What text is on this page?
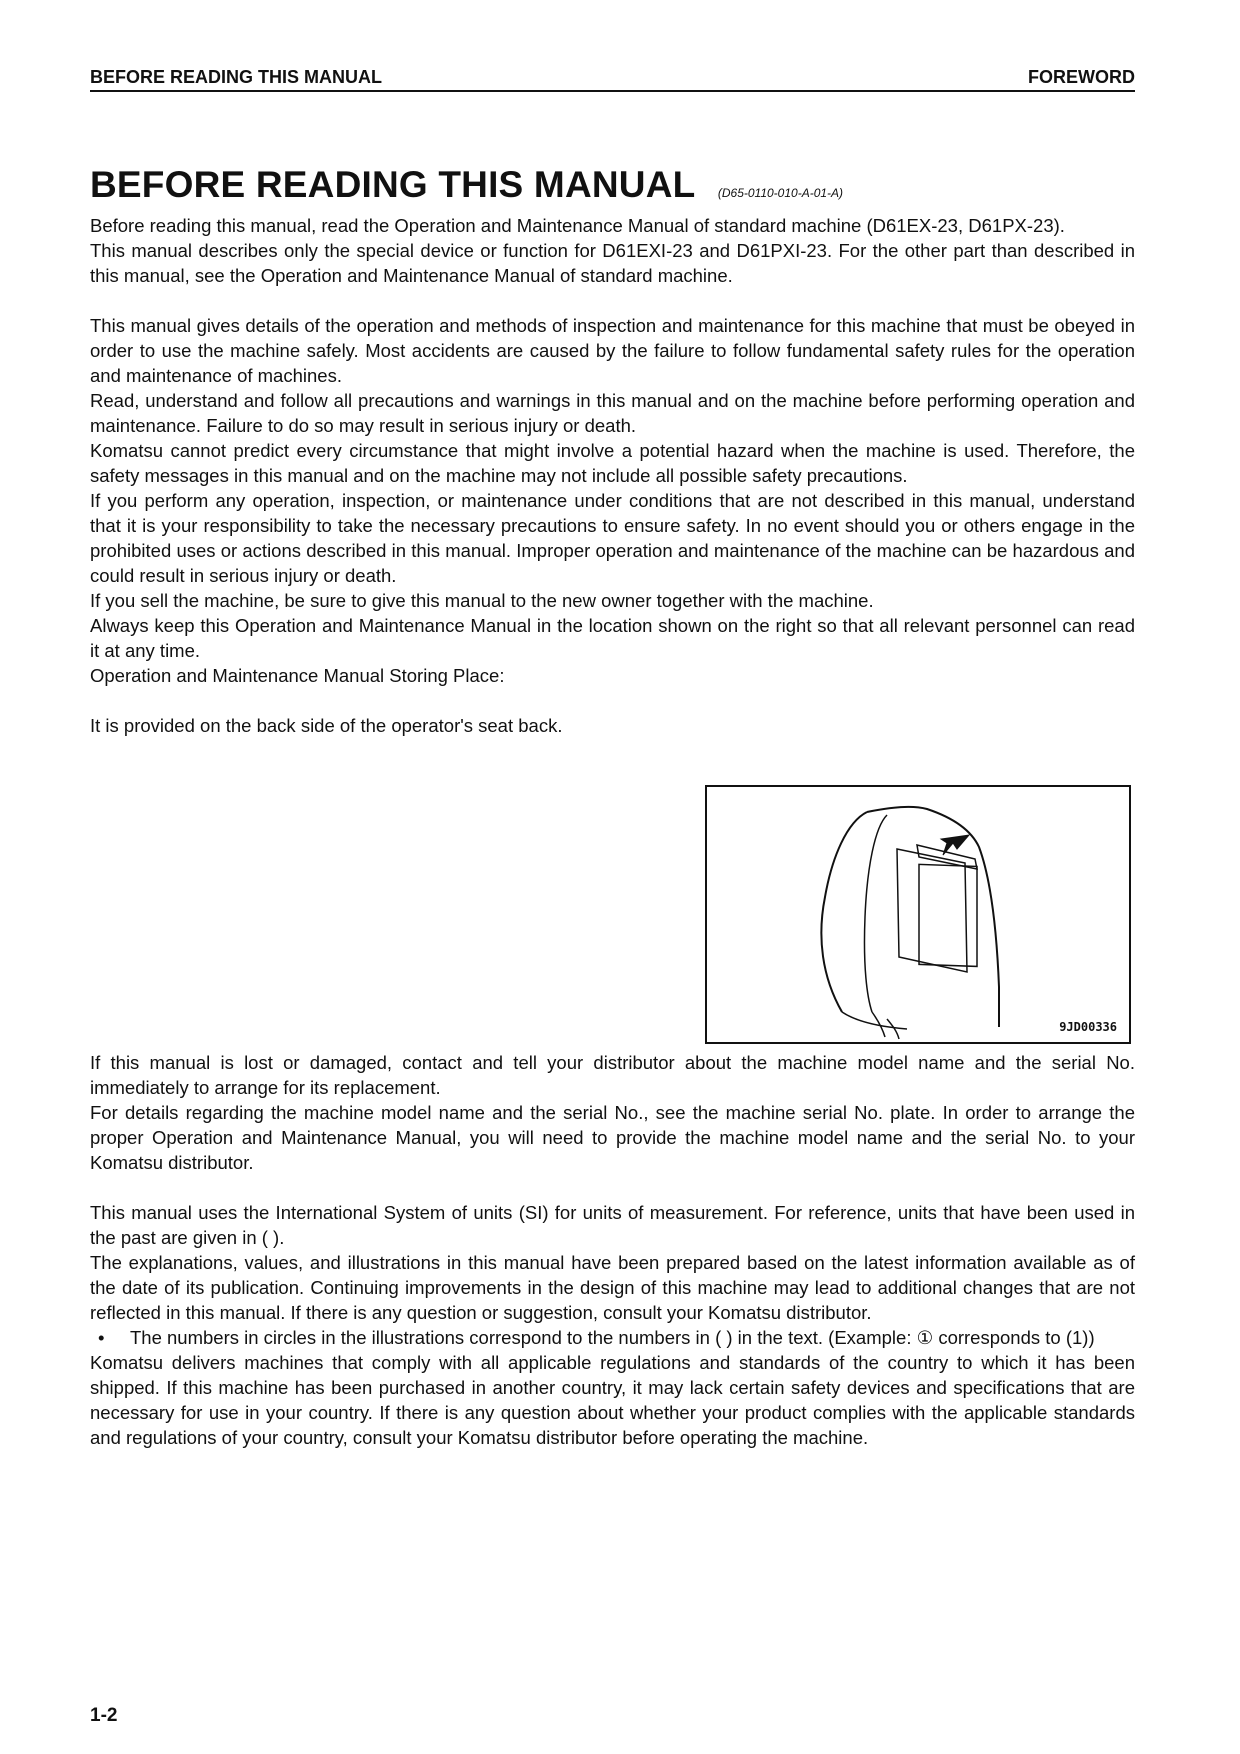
BEFORE READING THIS MANUAL	FOREWORD
BEFORE READING THIS MANUAL (D65-0110-010-A-01-A)

Before reading this manual, read the Operation and Maintenance Manual of standard machine (D61EX-23, D61PX-23).

This manual describes only the special device or function for D61EXI-23 and D61PXI-23. For the other part than described in this manual, see the Operation and Maintenance Manual of standard machine.

This manual gives details of the operation and methods of inspection and maintenance for this machine that must be obeyed in order to use the machine safely. Most accidents are caused by the failure to follow fundamental safety rules for the operation and maintenance of machines.

Read, understand and follow all precautions and warnings in this manual and on the machine before performing operation and maintenance. Failure to do so may result in serious injury or death.

Komatsu cannot predict every circumstance that might involve a potential hazard when the machine is used. Therefore, the safety messages in this manual and on the machine may not include all possible safety precautions.

If you perform any operation, inspection, or maintenance under conditions that are not described in this manual, understand that it is your responsibility to take the necessary precautions to ensure safety. In no event should you or others engage in the prohibited uses or actions described in this manual. Improper operation and maintenance of the machine can be hazardous and could result in serious injury or death.

If you sell the machine, be sure to give this manual to the new owner together with the machine.

Always keep this Operation and Maintenance Manual in the location shown on the right so that all relevant personnel can read it at any time.

Operation and Maintenance Manual Storing Place:

It is provided on the back side of the operator's seat back.

9JD00336

If this manual is lost or damaged, contact and tell your distributor about the machine model name and the serial No. immediately to arrange for its replacement.

For details regarding the machine model name and the serial No., see the machine serial No. plate. In order to arrange the proper Operation and Maintenance Manual, you will need to provide the machine model name and the serial No. to your Komatsu distributor.

This manual uses the International System of units (SI) for units of measurement. For reference, units that have been used in the past are given in ( ).

The explanations, values, and illustrations in this manual have been prepared based on the latest information available as of the date of its publication. Continuing improvements in the design of this machine may lead to additional changes that are not reflected in this manual. If there is any question or suggestion, consult your Komatsu distributor.

•	The numbers in circles in the illustrations correspond to the numbers in ( ) in the text. (Example: ① corresponds to (1))

Komatsu delivers machines that comply with all applicable regulations and standards of the country to which it has been shipped. If this machine has been purchased in another country, it may lack certain safety devices and specifications that are necessary for use in your country. If there is any question about whether your product complies with the applicable standards and regulations of your country, consult your Komatsu distributor before operating the machine.

1-2
